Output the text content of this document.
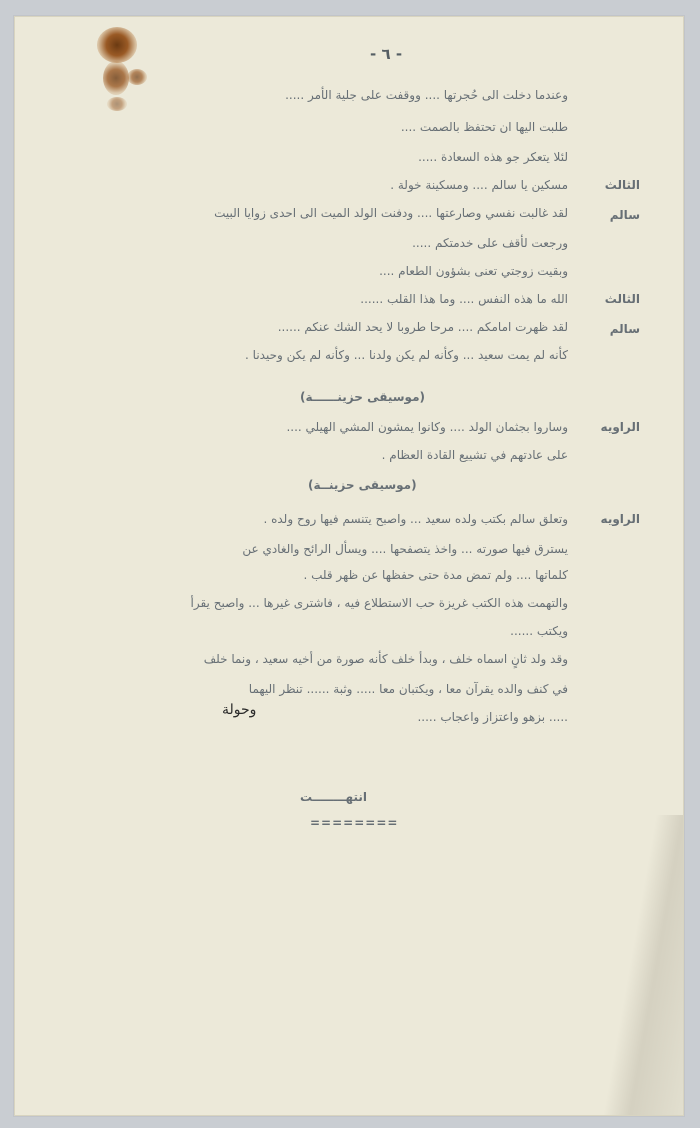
- ٦ -
وعندما دخلت الى حُجرتها .... ووقفت على جلية الأمر .....
طلبت اليها ان تحتفظ بالصمت ....
لئلا يتعكر جو هذه السعادة .....
الثالث
مسكين يا سالم .... ومسكينة خولة .
سالم
لقد غالبت نفسي وصارعتها .... ودفنت الولد الميت الى احدى زوايا البيت
ورجعت لأقف على خدمتكم .....
وبقيت زوجتي تعنى بشؤون الطعام ....
الثالث
الله ما هذه النفس .... وما هذا القلب ......
سالم
لقد ظهرت امامكم .... مرحا طروبا لا يحد الشك عنكم ......
كأنه لم يمت سعيد ... وكأنه لم يكن ولدنا ... وكأنه لم يكن وحيدنا .
(موسيقى حزينــــــة)
الراويه
وساروا بجثمان الولد .... وكانوا يمشون المشي الهيلي ....
على عادتهم في تشييع القادة العظام .
(موسيقى حزينــة)
الراويه
وتعلق سالم بكتب ولده سعيد ... واصبح يتنسم فيها روح ولده .
يسترق فيها صورته ... واخذ يتصفحها .... ويسأل الرائح والغادي عن
كلماتها .... ولم تمض مدة حتى حفظها عن ظهر قلب .
والتهمت هذه الكتب غريزة حب الاستطلاع فيه ، فاشترى غيرها ... واصبح يقرأ
ويكتب ......
وقد ولد ثانٍ اسماه خلف ، وبدأ خلف كأنه صورة من أخيه سعيد ، ونما خلف
في كنف والده يقرآن معا ، ويكتبان معا ..... وثبة ...... تنظر اليهما
..... بزهو واعتزاز واعجاب .....
وحولة
انتهــــــــت
========
